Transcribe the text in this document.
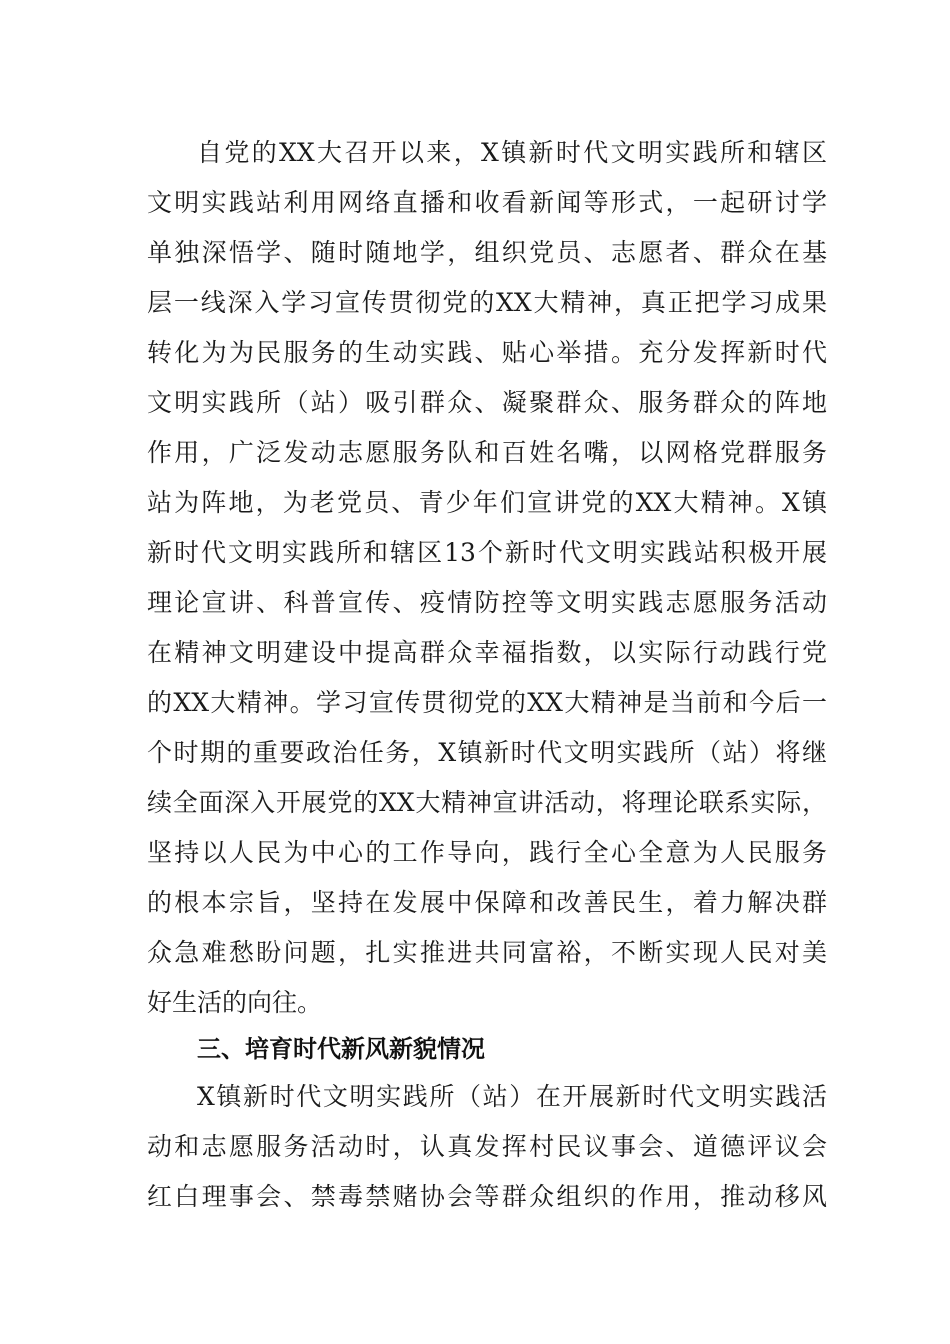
自党的XX大召开以来，X镇新时代文明实践所和辖区
文明实践站利用网络直播和收看新闻等形式，一起研讨学
单独深悟学、随时随地学，组织党员、志愿者、群众在基
层一线深入学习宣传贯彻党的XX大精神，真正把学习成果
转化为为民服务的生动实践、贴心举措。充分发挥新时代
文明实践所（站）吸引群众、凝聚群众、服务群众的阵地
作用，广泛发动志愿服务队和百姓名嘴，以网格党群服务
站为阵地，为老党员、青少年们宣讲党的XX大精神。X镇
新时代文明实践所和辖区13个新时代文明实践站积极开展
理论宣讲、科普宣传、疫情防控等文明实践志愿服务活动
在精神文明建设中提高群众幸福指数，以实际行动践行党
的XX大精神。学习宣传贯彻党的XX大精神是当前和今后一
个时期的重要政治任务，X镇新时代文明实践所（站）将继
续全面深入开展党的XX大精神宣讲活动，将理论联系实际，
坚持以人民为中心的工作导向，践行全心全意为人民服务
的根本宗旨，坚持在发展中保障和改善民生，着力解决群
众急难愁盼问题，扎实推进共同富裕，不断实现人民对美
好生活的向往。
三、培育时代新风新貌情况
X镇新时代文明实践所（站）在开展新时代文明实践活
动和志愿服务活动时，认真发挥村民议事会、道德评议会
红白理事会、禁毒禁赌协会等群众组织的作用，推动移风
